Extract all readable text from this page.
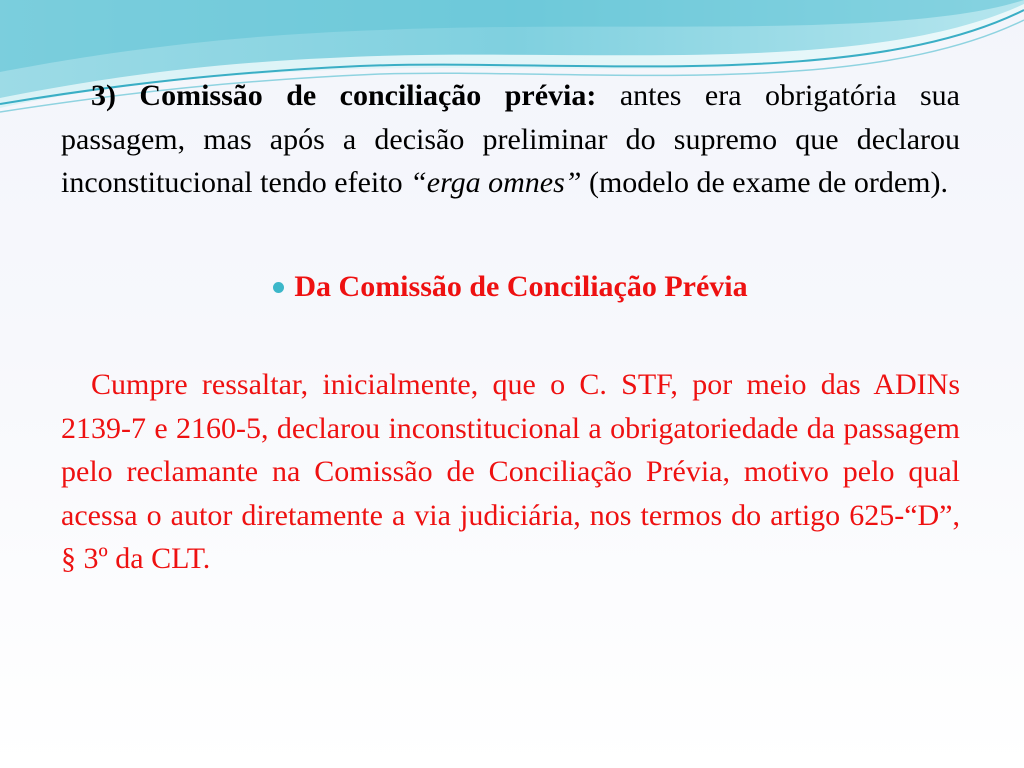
3) Comissão de conciliação prévia: antes era obrigatória sua passagem, mas após a decisão preliminar do supremo que declarou inconstitucional tendo efeito “erga omnes” (modelo de exame de ordem).

Da Comissão de Conciliação Prévia

Cumpre ressaltar, inicialmente, que o C. STF, por meio das ADINs 2139-7 e 2160-5, declarou inconstitucional a obrigatoriedade da passagem pelo reclamante na Comissão de Conciliação Prévia, motivo pelo qual acessa o autor diretamente a via judiciária, nos termos do artigo 625-“D”, § 3º da CLT.
